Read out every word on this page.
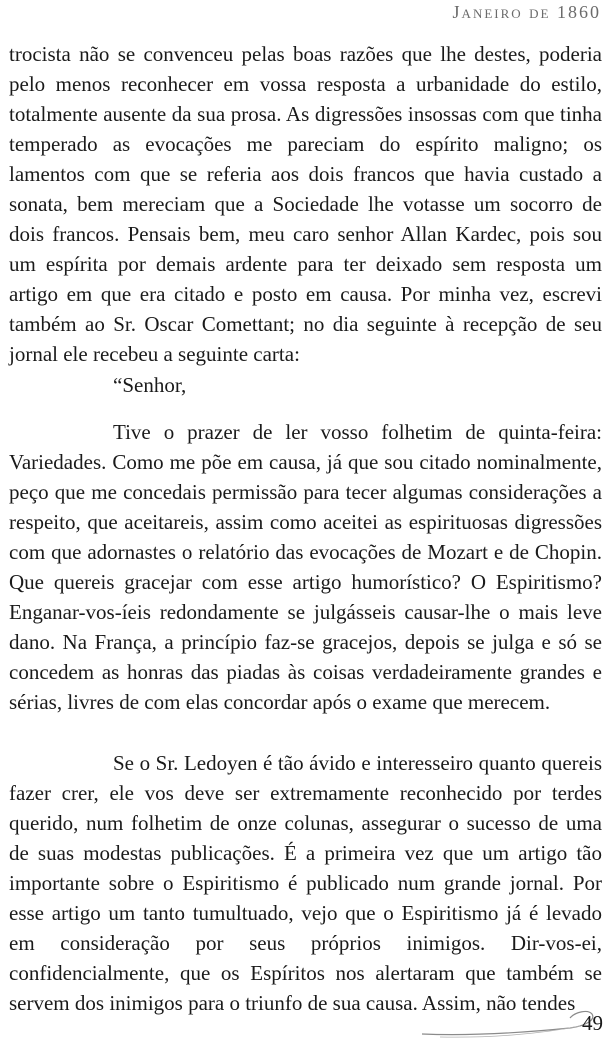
Janeiro de 1860

trocista não se convenceu pelas boas razões que lhe destes, poderia pelo menos reconhecer em vossa resposta a urbanidade do estilo, totalmente ausente da sua prosa. As digressões insossas com que tinha temperado as evocações me pareciam do espírito maligno; os lamentos com que se referia aos dois francos que havia custado a sonata, bem mereciam que a Sociedade lhe votasse um socorro de dois francos. Pensais bem, meu caro senhor Allan Kardec, pois sou um espírita por demais ardente para ter deixado sem resposta um artigo em que era citado e posto em causa. Por minha vez, escrevi também ao Sr. Oscar Comettant; no dia seguinte à recepção de seu jornal ele recebeu a seguinte carta:

“Senhor,

Tive o prazer de ler vosso folhetim de quinta-feira: Variedades. Como me põe em causa, já que sou citado nominalmente, peço que me concedais permissão para tecer algumas considerações a respeito, que aceitareis, assim como aceitei as espirituosas digressões com que adornastes o relatório das evocações de Mozart e de Chopin. Que quereis gracejar com esse artigo humorístico? O Espiritismo? Enganar-vos-íeis redondamente se julgásseis causar-lhe o mais leve dano. Na França, a princípio faz-se gracejos, depois se julga e só se concedem as honras das piadas às coisas verdadeiramente grandes e sérias, livres de com elas concordar após o exame que merecem.

Se o Sr. Ledoyen é tão ávido e interesseiro quanto quereis fazer crer, ele vos deve ser extremamente reconhecido por terdes querido, num folhetim de onze colunas, assegurar o sucesso de uma de suas modestas publicações. É a primeira vez que um artigo tão importante sobre o Espiritismo é publicado num grande jornal. Por esse artigo um tanto tumultuado, vejo que o Espiritismo já é levado em consideração por seus próprios inimigos. Dir-vos-ei, confidencialmente, que os Espíritos nos alertaram que também se servem dos inimigos para o triunfo de sua causa. Assim, não tendes

49
